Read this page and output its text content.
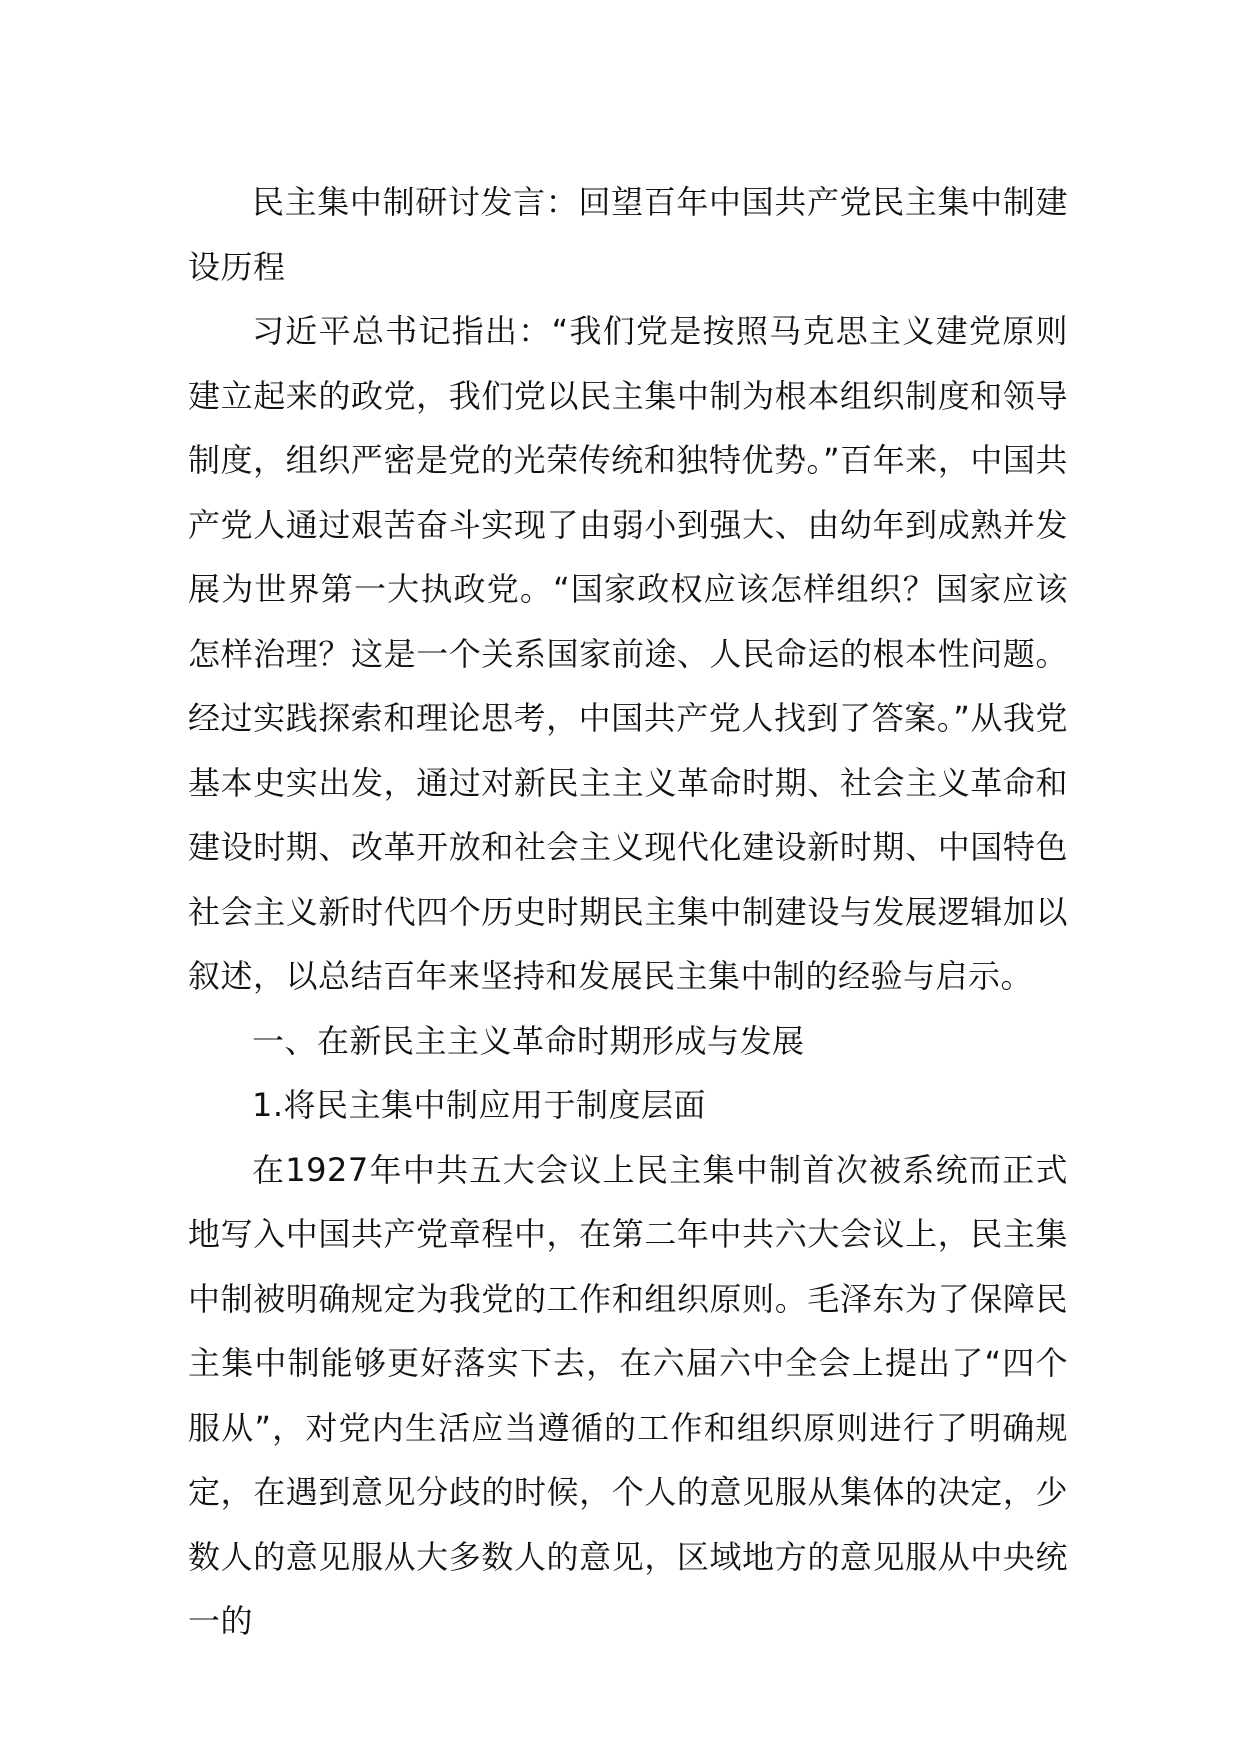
民主集中制研讨发言：回望百年中国共产党民主集中制建设历程

习近平总书记指出：“我们党是按照马克思主义建党原则建立起来的政党，我们党以民主集中制为根本组织制度和领导制度，组织严密是党的光荣传统和独特优势。”百年来，中国共产党人通过艰苦奋斗实现了由弱小到强大、由幼年到成熟并发展为世界第一大执政党。“国家政权应该怎样组织？国家应该怎样治理？这是一个关系国家前途、人民命运的根本性问题。经过实践探索和理论思考，中国共产党人找到了答案。”从我党基本史实出发，通过对新民主主义革命时期、社会主义革命和建设时期、改革开放和社会主义现代化建设新时期、中国特色社会主义新时代四个历史时期民主集中制建设与发展逻辑加以叙述，以总结百年来坚持和发展民主集中制的经验与启示。

一、在新民主主义革命时期形成与发展

1.将民主集中制应用于制度层面

在1927年中共五大会议上民主集中制首次被系统而正式地写入中国共产党章程中，在第二年中共六大会议上，民主集中制被明确规定为我党的工作和组织原则。毛泽东为了保障民主集中制能够更好落实下去，在六届六中全会上提出了“四个服从”，对党内生活应当遵循的工作和组织原则进行了明确规定，在遇到意见分歧的时候，个人的意见服从集体的决定，少数人的意见服从大多数人的意见，区域地方的意见服从中央统一的
